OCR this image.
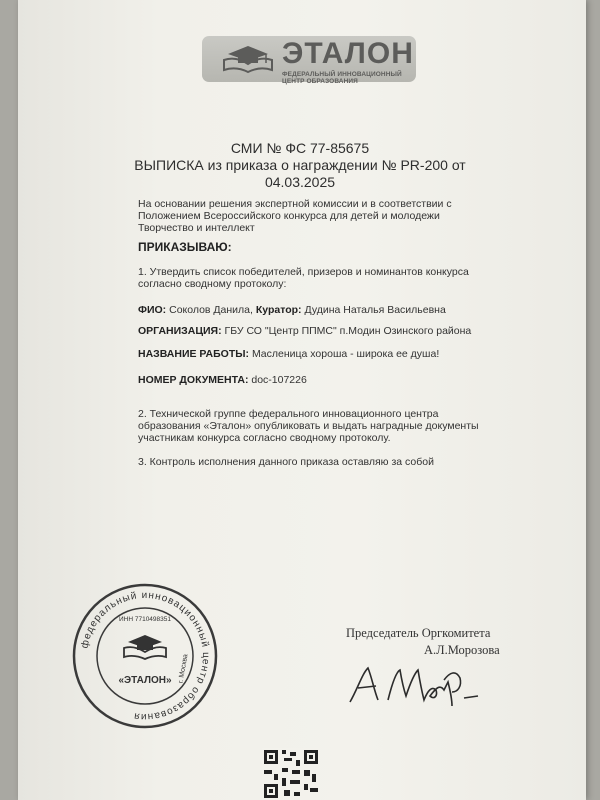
ЭТАЛОН
ФЕДЕРАЛЬНЫЙ ИННОВАЦИОННЫЙ ЦЕНТР ОБРАЗОВАНИЯ
СМИ № ФС 77-85675
ВЫПИСКА из приказа о награждении № PR-200 от
04.03.2025
На основании решения экспертной комиссии и в соответствии с Положением Всероссийского конкурса для детей и молодежи Творчество и интеллект
ПРИКАЗЫВАЮ:
1. Утвердить список победителей, призеров и номинантов конкурса согласно сводному протоколу:
ФИО: Соколов Данила, Куратор: Дудина Наталья Васильевна
ОРГАНИЗАЦИЯ: ГБУ СО "Центр ППМС" п.Модин Озинского района
НАЗВАНИЕ РАБОТЫ: Масленица хороша - широка ее душа!
НОМЕР ДОКУМЕНТА: doc-107226
2. Технической группе федерального инновационного центра образования «Эталон» опубликовать и выдать наградные документы участникам конкурса согласно сводному протоколу.
3. Контроль исполнения данного приказа оставляю за собой
федеральный инновационный центр образования
ИНН 7710498351
г. Москва
«ЭТАЛОН»
Председатель Оргкомитета
А.Л.Морозова
